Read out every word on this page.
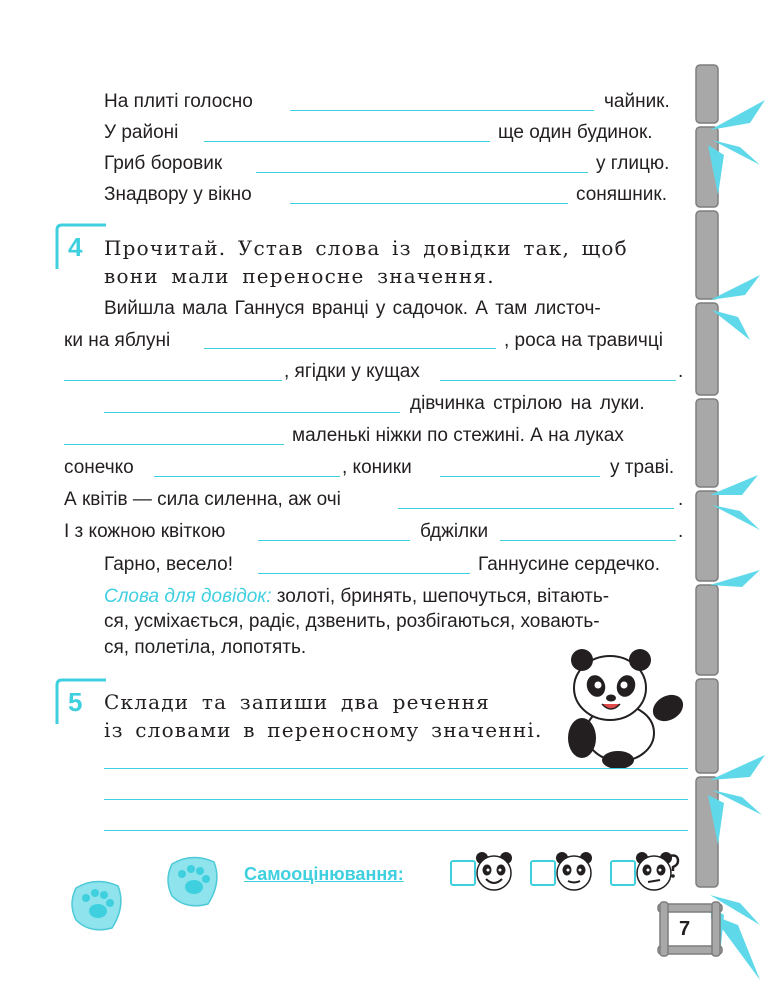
На плиті голосно	чайник.
У районі	ще один будинок.
Гриб боровик	у глицю.
Знадвору у вікно	соняшник.
4	Прочитай. Устав слова із довідки так, щоб
вони мали переносне значення.
Вийшла мала Ганнуся вранці у садочок. А там листоч-
ки на яблуні	, роса на травичці
, ягідки у кущах	.
дівчинка стрілою на луки.
маленькі ніжки по стежині. А на луках
сонечко	, коники	у траві.
А квітів — сила силенна, аж очі	.
І з кожною квіткою	бджілки	.
Гарно, весело!	Ганнусине сердечко.
Слова для довідок: золоті, бринять, шепочуться, вітають-
ся, усміхається, радіє, дзвенить, розбігаються, ховають-
ся, полетіла, лопотять.
5	Склади та запиши два речення
із словами в переносному значенні.
Самооцінювання:
7
